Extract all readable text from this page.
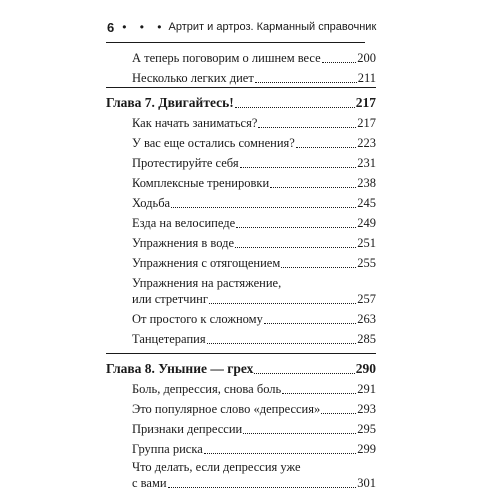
6 • • • Артрит и артроз. Карманный справочник
А теперь поговорим о лишнем весе	200
Несколько легких диет	211
Глава 7. Двигайтесь!	217
Как начать заниматься?	217
У вас еще остались сомнения?	223
Протестируйте себя	231
Комплексные тренировки	238
Ходьба	245
Езда на велосипеде	249
Упражнения в воде	251
Упражнения с отягощением	255
Упражнения на растяжение,
или стретчинг	257
От простого к сложному	263
Танцетерапия	285
Глава 8. Уныние — грех	290
Боль, депрессия, снова боль	291
Это популярное слово «депрессия»	293
Признаки депрессии	295
Группа риска	299
Что делать, если депрессия уже
с вами	301
